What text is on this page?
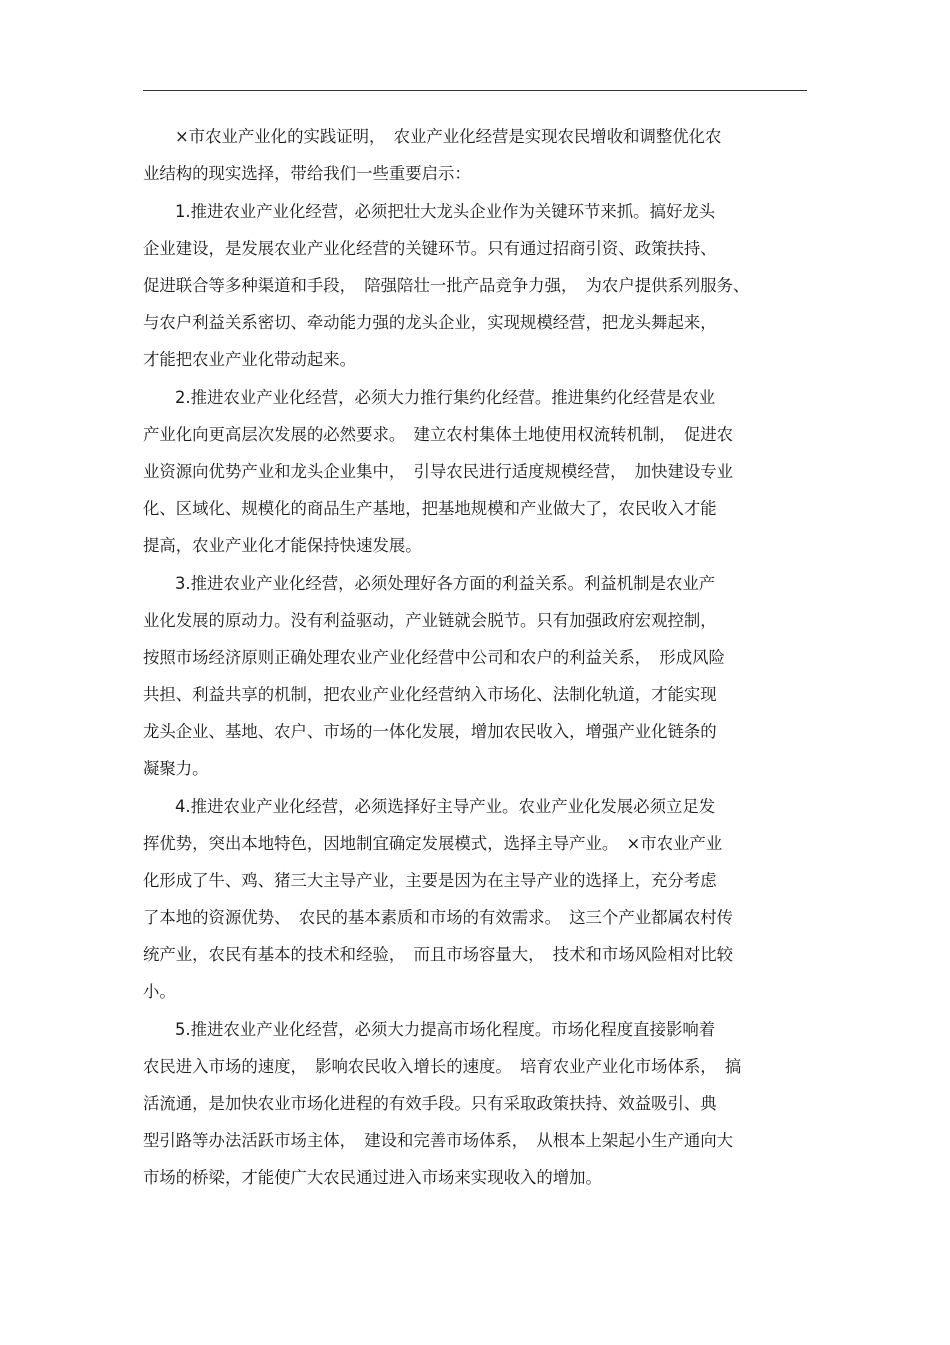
×市农业产业化的实践证明，　农业产业化经营是实现农民增收和调整优化农
业结构的现实选择，带给我们一些重要启示：
1.推进农业产业化经营，必须把壮大龙头企业作为关键环节来抓。搞好龙头
企业建设，是发展农业产业化经营的关键环节。只有通过招商引资、政策扶持、
促进联合等多种渠道和手段，　陪强陪壮一批产品竞争力强，　为农户提供系列服务、
与农户利益关系密切、牵动能力强的龙头企业，实现规模经营，把龙头舞起来，
才能把农业产业化带动起来。
2.推进农业产业化经营，必须大力推行集约化经营。推进集约化经营是农业
产业化向更高层次发展的必然要求。　建立农村集体土地使用权流转机制，　促进农
业资源向优势产业和龙头企业集中，　引导农民进行适度规模经营，　加快建设专业
化、区域化、规模化的商品生产基地，把基地规模和产业做大了，农民收入才能
提高，农业产业化才能保持快速发展。
3.推进农业产业化经营，必须处理好各方面的利益关系。利益机制是农业产
业化发展的原动力。没有利益驱动，产业链就会脱节。只有加强政府宏观控制，
按照市场经济原则正确处理农业产业化经营中公司和农户的利益关系，　形成风险
共担、利益共享的机制，把农业产业化经营纳入市场化、法制化轨道，才能实现
龙头企业、基地、农户、市场的一体化发展，增加农民收入，增强产业化链条的
凝聚力。
4.推进农业产业化经营，必须选择好主导产业。农业产业化发展必须立足发
挥优势，突出本地特色，因地制宜确定发展模式，选择主导产业。　×市农业产业
化形成了牛、鸡、猪三大主导产业，主要是因为在主导产业的选择上，充分考虑
了本地的资源优势、　农民的基本素质和市场的有效需求。　这三个产业都属农村传
统产业，农民有基本的技术和经验，　而且市场容量大，　技术和市场风险相对比较
小。
5.推进农业产业化经营，必须大力提高市场化程度。市场化程度直接影响着
农民进入市场的速度，　影响农民收入增长的速度。　培育农业产业化市场体系，　搞
活流通，是加快农业市场化进程的有效手段。只有采取政策扶持、效益吸引、典
型引路等办法活跃市场主体，　建设和完善市场体系，　从根本上架起小生产通向大
市场的桥梁，才能使广大农民通过进入市场来实现收入的增加。
